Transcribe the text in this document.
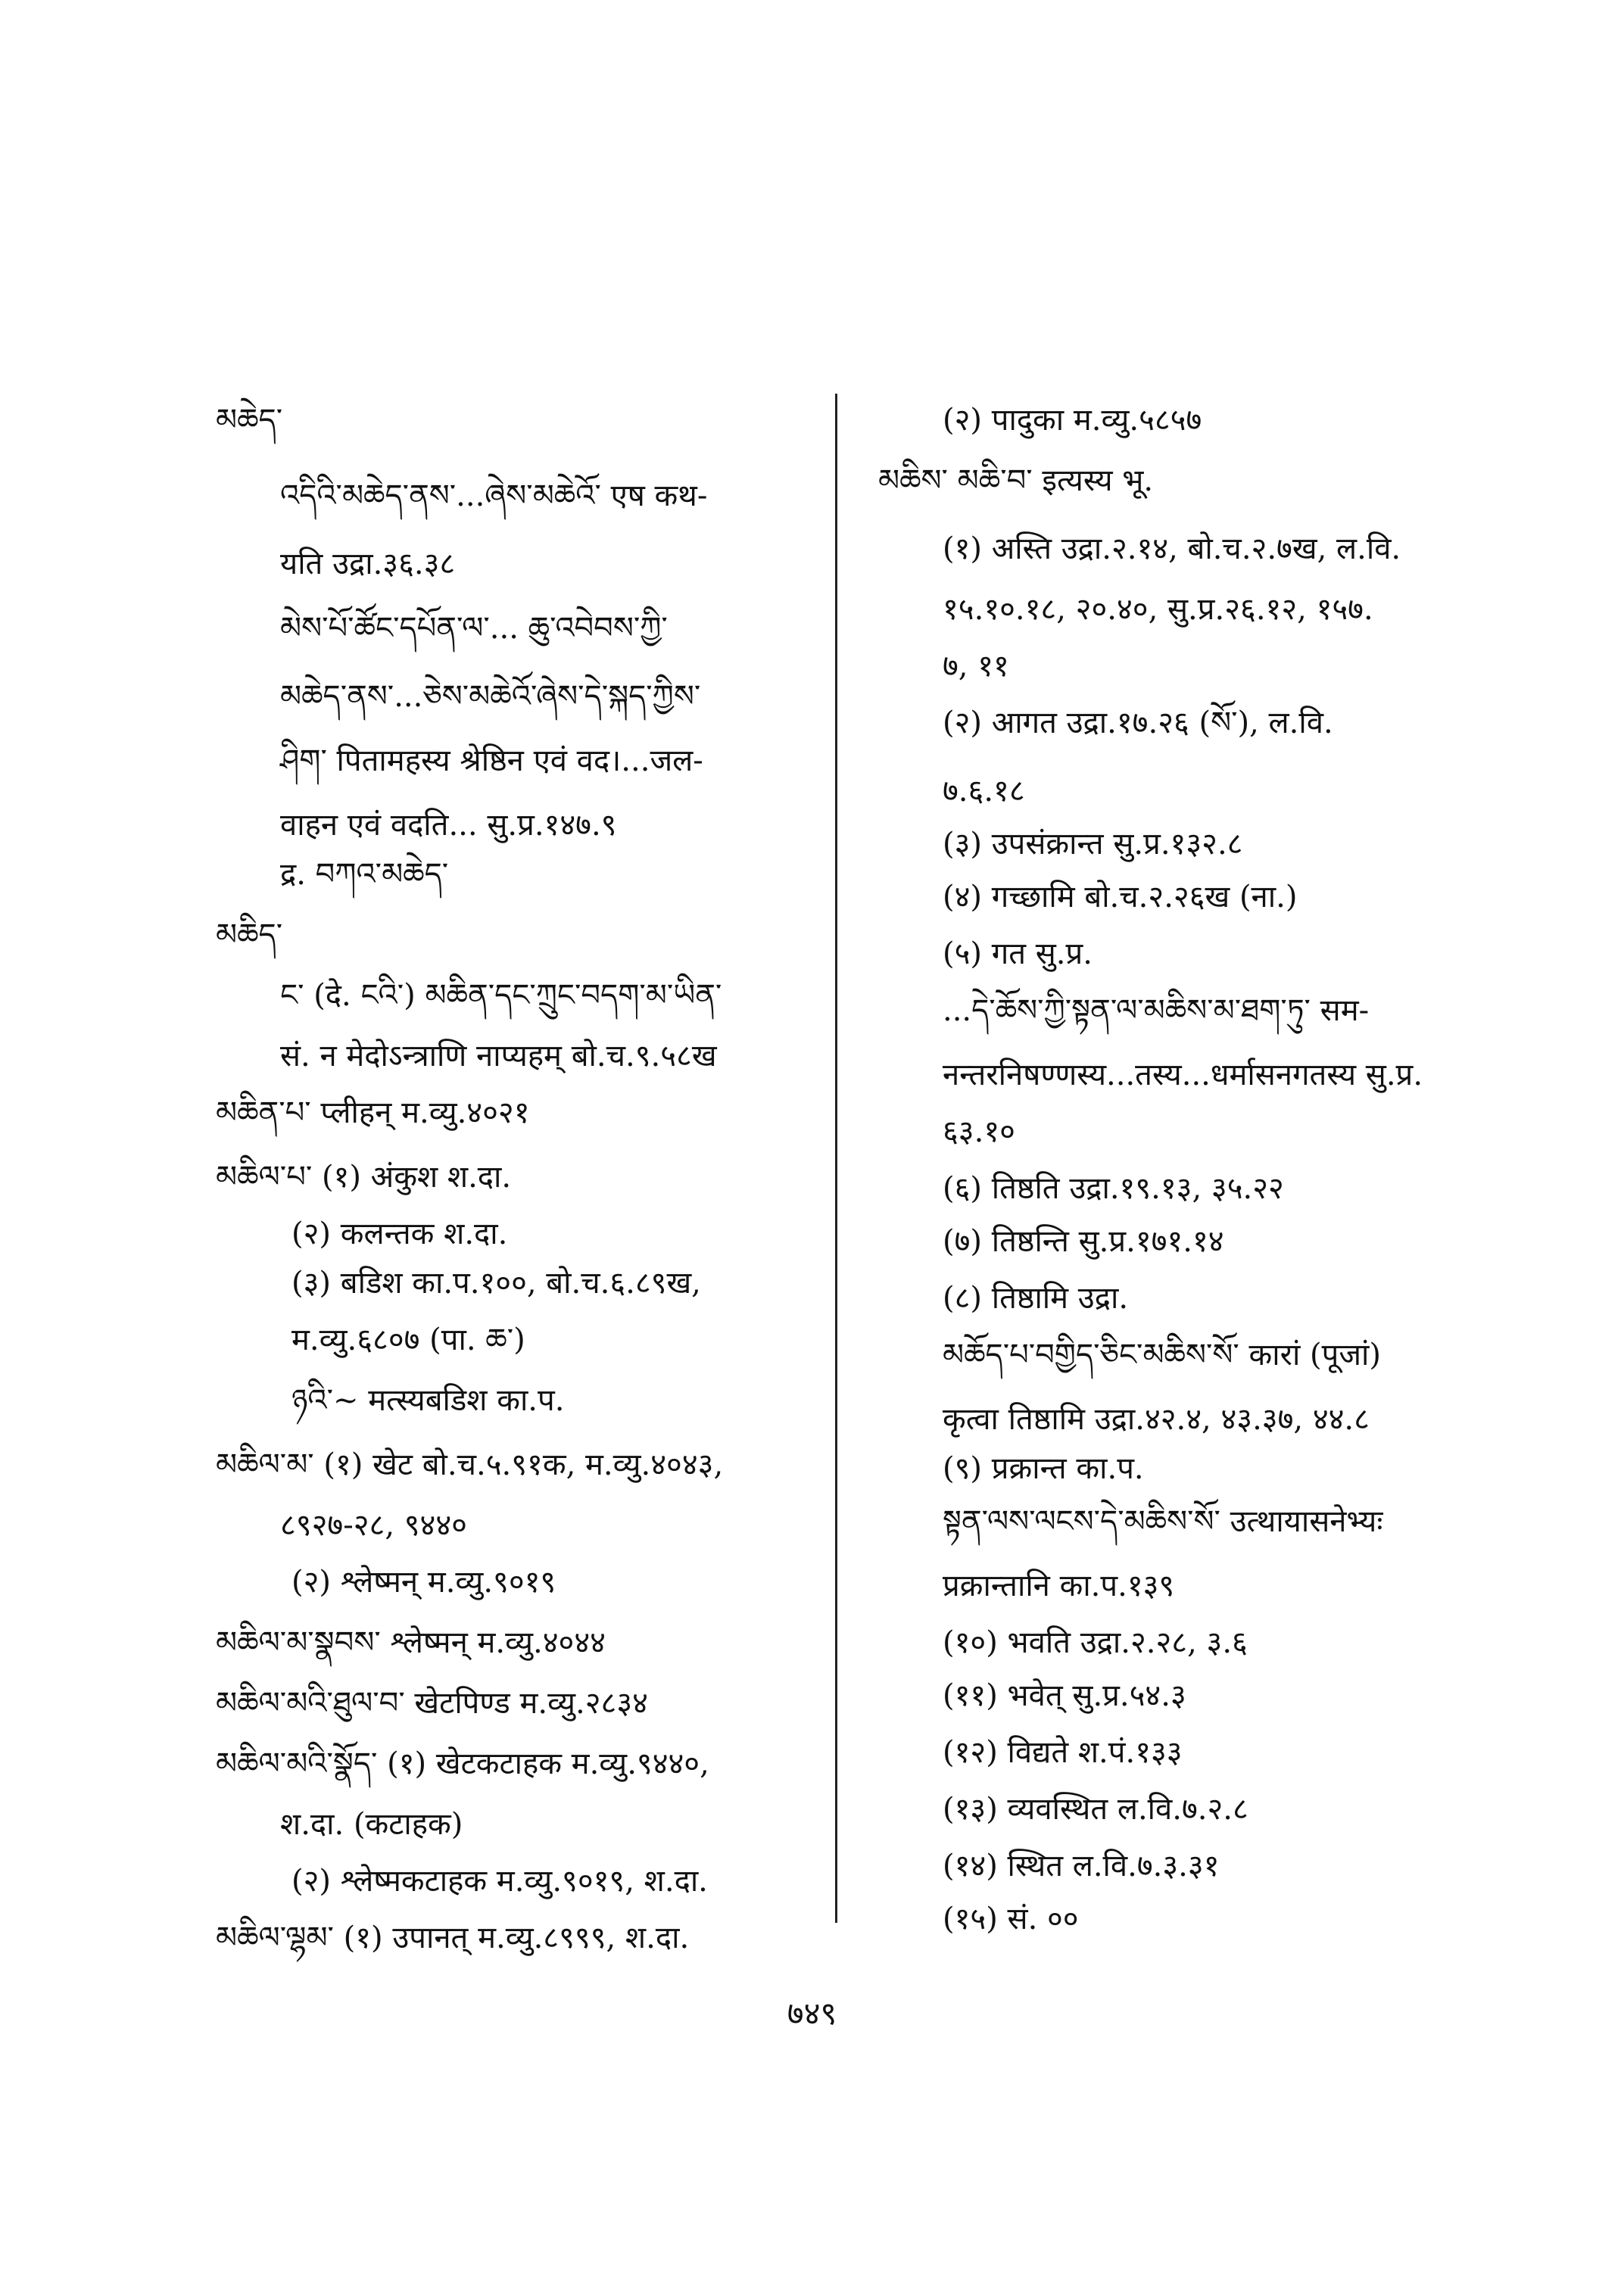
མཆེད་
འདིའི་མཆེད་ནས་...ཞེས་མཆེའོ་ एष कथ-
यति उद्रा.३६.३८
མེས་པོ་ཚོང་དཔོན་ལ་... ཆུ་འབེབས་ཀྱི་
མཆེད་ནས་...ཅེས་མཆེའོ་ཞེས་དེ་སྐད་ཀྱིས་
ཤིག་ पितामहस्य श्रेष्ठिन एवं वद।...जल-
वाहन एवं वदति... सु.प्र.१४७.९
द्र. བཀའ་མཆེད་
མཆིད་
ང་ (दे. ངའི་) མཆིན་དང་ཀྲུང་བདག་མ་ཡིན་
सं. न मेदोऽन्त्राणि नाप्यहम् बो.च.९.५८ख
མཆིན་པ་ प्लीहन् म.व्यु.४०२१
མཆིལ་པ་ (१) अंकुश श.दा.
(२) कलन्तक श.दा.
(३) बडिश का.प.१००, बो.च.६.८९ख,
म.व्यु.६८०७ (पा. ཆ་)
ཉའི་~ मत्स्यबडिश का.प.
མཆིལ་མ་ (१) खेट बो.च.५.९१क, म.व्यु.४०४३,
८९२७-२८, ९४४०
(२) श्लेष्मन् म.व्यु.९०१९
མཆིལ་མ་སྣབས་ श्लेष्मन् म.व्यु.४०४४
མཆིལ་མའི་ཐུལ་བ་ खेटपिण्ड म.व्यु.२८३४
མཆིལ་མའི་སྣོད་ (१) खेटकटाहक म.व्यु.९४४०,
श.दा. (कटाहक)
(२) श्लेष्मकटाहक म.व्यु.९०१९, श.दा.
མཆིལ་ལྷམ་ (१) उपानत् म.व्यु.८९९९, श.दा.
(२) पादुका म.व्यु.५८५७
མཆིས་ མཆི་བ་ इत्यस्य भू.
(१) अस्ति उद्रा.२.१४, बो.च.२.७ख, ल.वि.
१५.१०.१८, २०.४०, सु.प्र.२६.१२, १५७.
७, ११
(२) आगत उद्रा.१७.२६ (སོ་), ल.वि.
७.६.१८
(३) उपसंक्रान्त सु.प्र.१३२.८
(४) गच्छामि बो.च.२.२६ख (ना.)
(५) गत सु.प्र.
...དེ་ཆོས་ཀྱི་སྟན་ལ་མཆིས་མ་ཐག་ཏུ་ सम-
नन्तरनिषण्णस्य...तस्य...धर्मासनगतस्य सु.प्र.
६३.१०
(६) तिष्ठति उद्रा.१९.१३, ३५.२२
(७) तिष्ठन्ति सु.प्र.१७१.१४
(८) तिष्ठामि उद्रा.
མཆོད་པ་བགྱིད་ཅིང་མཆིས་སོ་ कारां (पूजां)
कृत्वा तिष्ठामि उद्रा.४२.४, ४३.३७, ४४.८
(९) प्रक्रान्त का.प.
སྟན་ལས་ལངས་དེ་མཆིས་སོ་ उत्थायासनेभ्यः
प्रक्रान्तानि का.प.१३९
(१०) भवति उद्रा.२.२८, ३.६
(११) भवेत् सु.प्र.५४.३
(१२) विद्यते श.पं.१३३
(१३) व्यवस्थित ल.वि.७.२.८
(१४) स्थित ल.वि.७.३.३१
(१५) सं. ००
७४९
